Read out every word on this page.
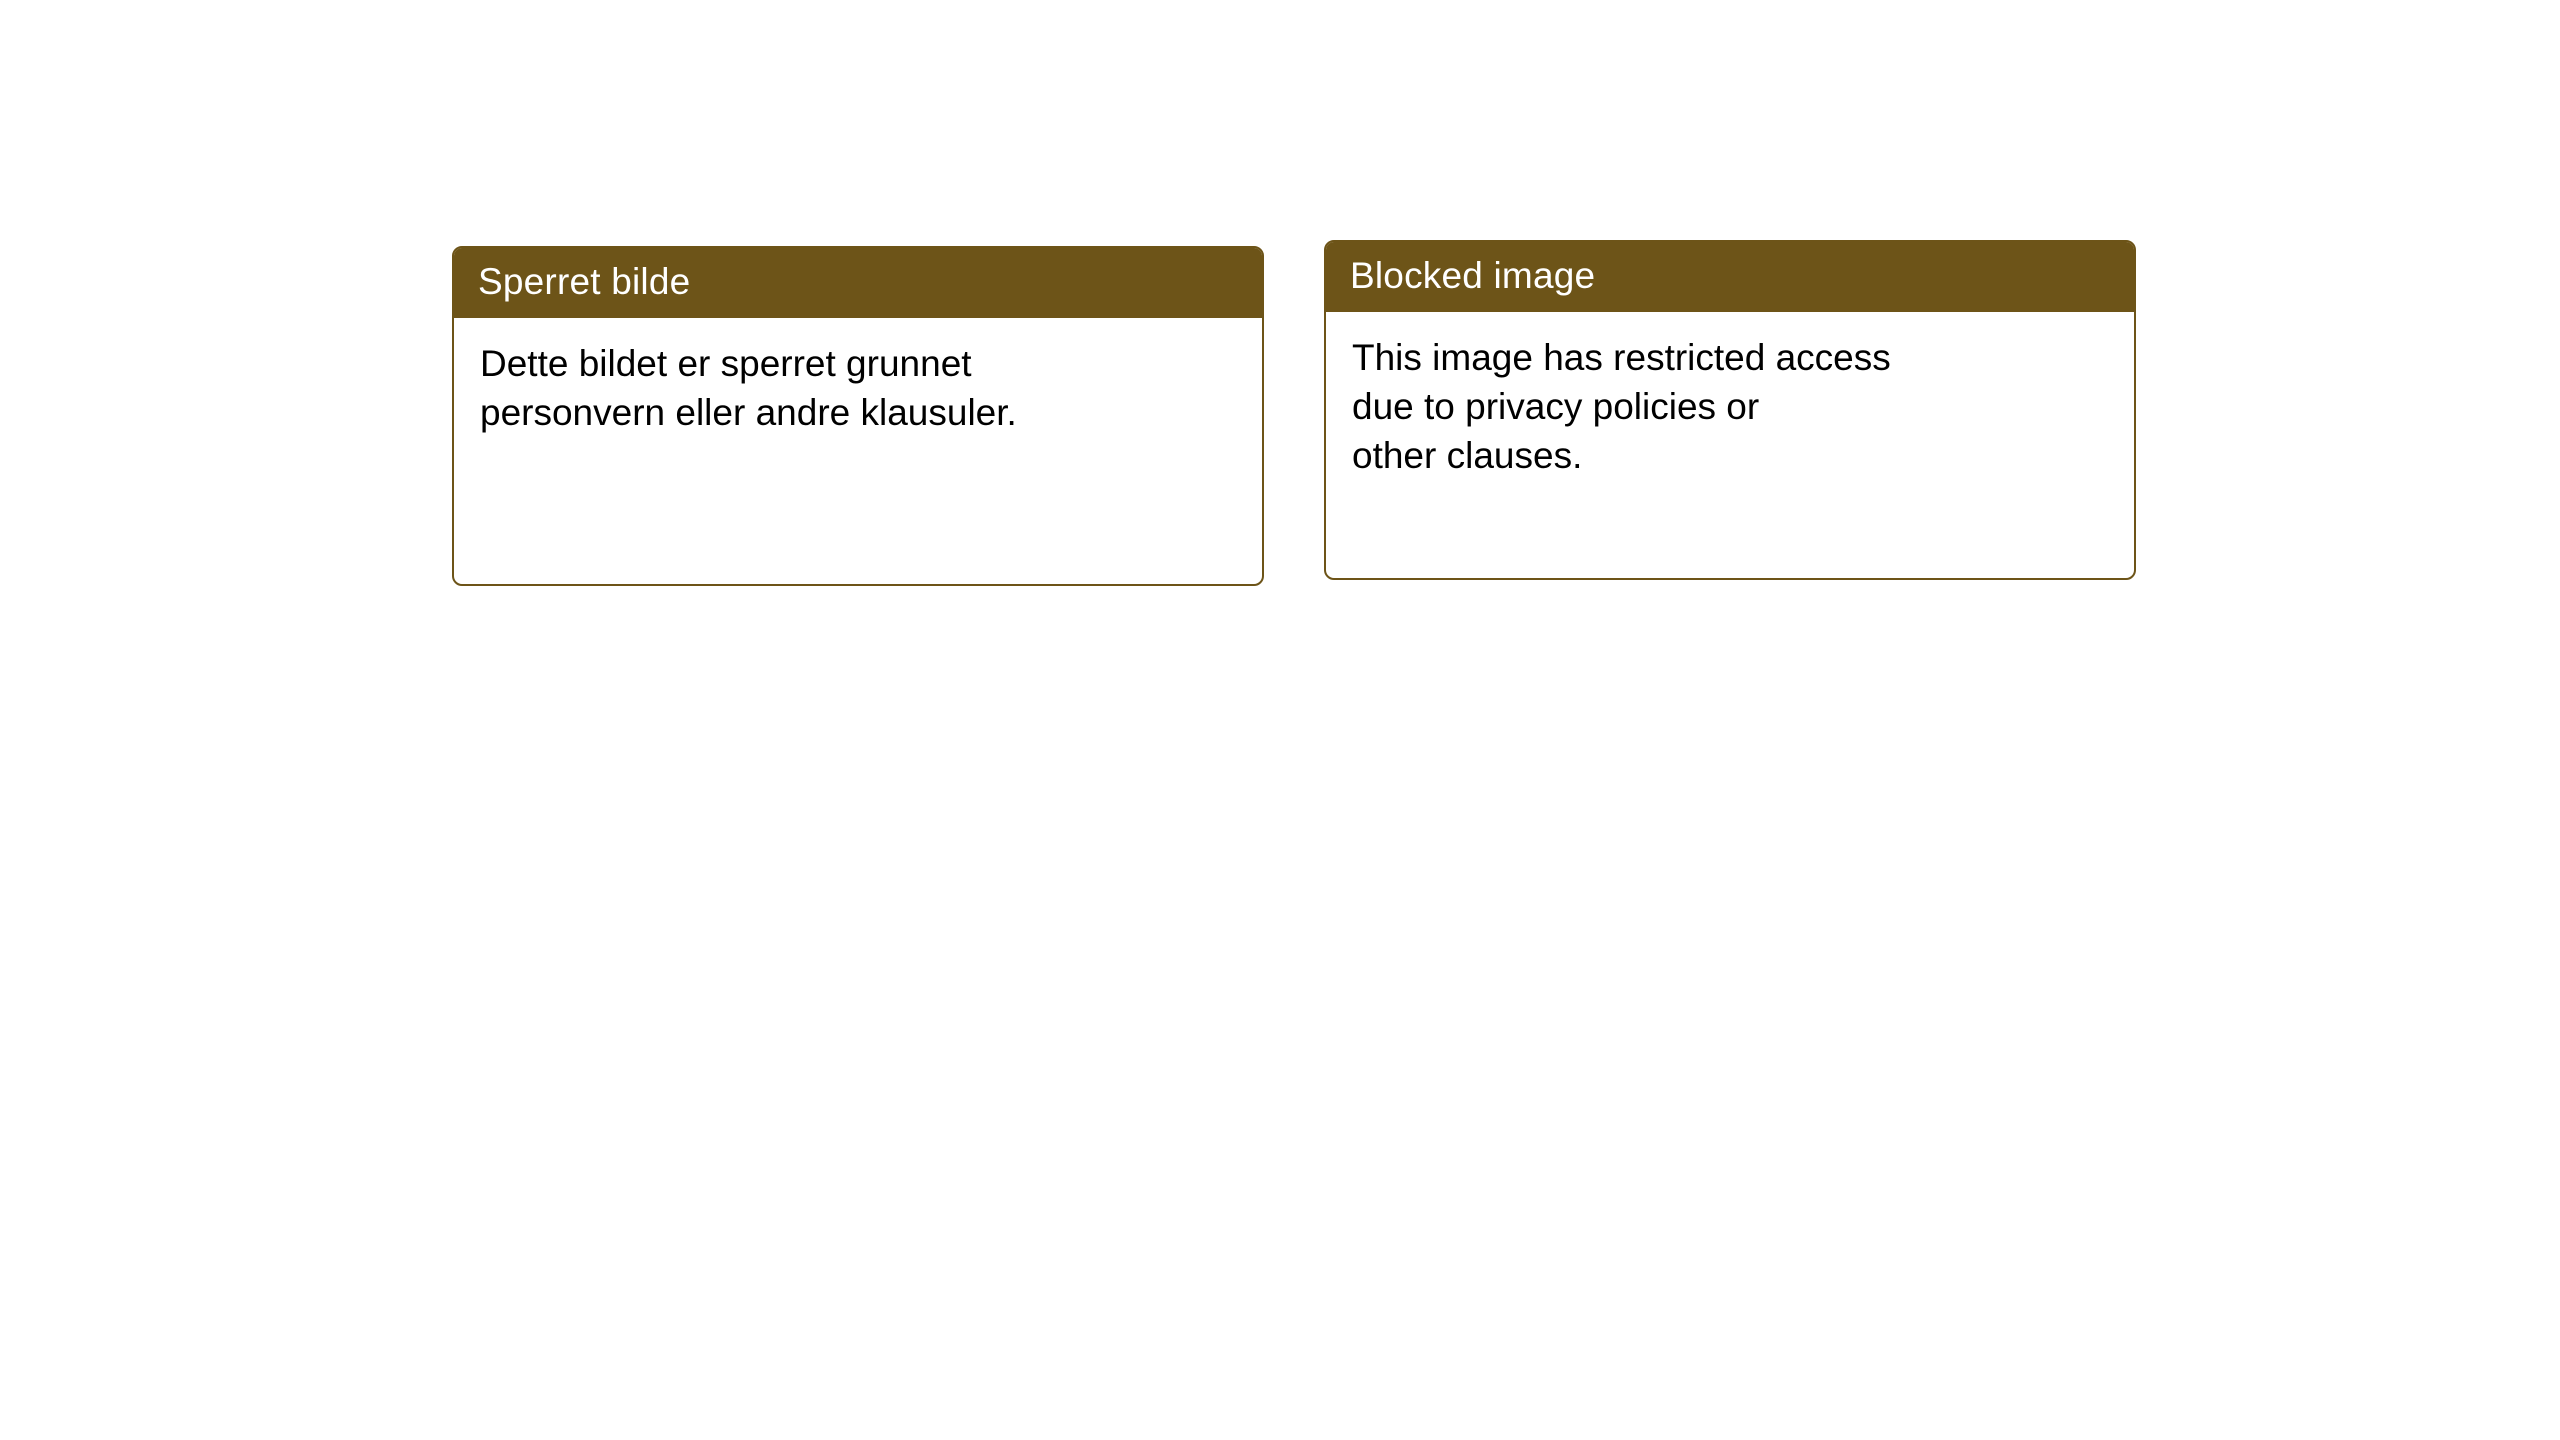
Sperret bilde

Dette bildet er sperret grunnet
personvern eller andre klausuler.

Blocked image

This image has restricted access
due to privacy policies or
other clauses.
